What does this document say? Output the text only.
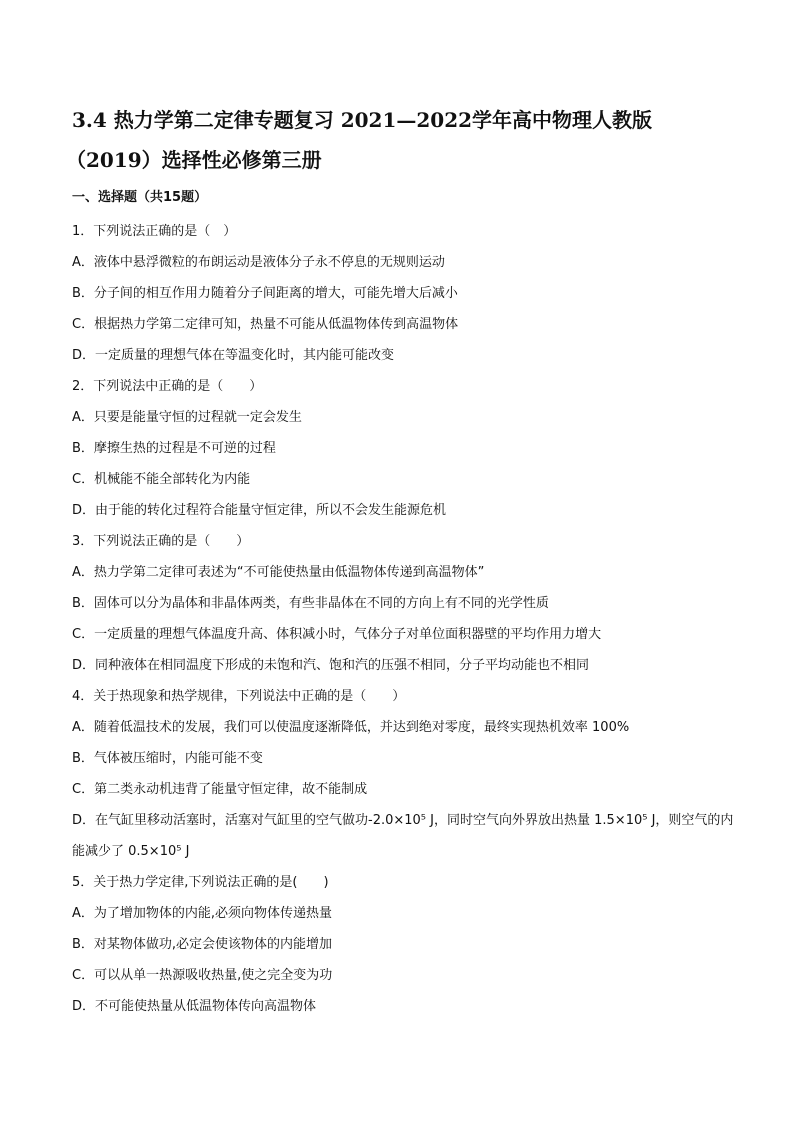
3.4 热力学第二定律专题复习 2021—2022学年高中物理人教版
（2019）选择性必修第三册
一、选择题（共15题）
1．下列说法正确的是（　）
A．液体中悬浮微粒的布朗运动是液体分子永不停息的无规则运动
B．分子间的相互作用力随着分子间距离的增大，可能先增大后减小
C．根据热力学第二定律可知，热量不可能从低温物体传到高温物体
D．一定质量的理想气体在等温变化时，其内能可能改变
2．下列说法中正确的是（　　）
A．只要是能量守恒的过程就一定会发生
B．摩擦生热的过程是不可逆的过程
C．机械能不能全部转化为内能
D．由于能的转化过程符合能量守恒定律，所以不会发生能源危机
3．下列说法正确的是（　　）
A．热力学第二定律可表述为“不可能使热量由低温物体传递到高温物体”
B．固体可以分为晶体和非晶体两类，有些非晶体在不同的方向上有不同的光学性质
C．一定质量的理想气体温度升高、体积减小时，气体分子对单位面积器壁的平均作用力增大
D．同种液体在相同温度下形成的未饱和汽、饱和汽的压强不相同，分子平均动能也不相同
4．关于热现象和热学规律，下列说法中正确的是（　　）
A．随着低温技术的发展，我们可以使温度逐渐降低，并达到绝对零度，最终实现热机效率 100%
B．气体被压缩时，内能可能不变
C．第二类永动机违背了能量守恒定律，故不能制成
D．在气缸里移动活塞时，活塞对气缸里的空气做功-2.0×10⁵ J，同时空气向外界放出热量 1.5×10⁵ J，则空气的内能减少了 0.5×10⁵ J
5．关于热力学定律,下列说法正确的是(　　)
A．为了增加物体的内能,必须向物体传递热量
B．对某物体做功,必定会使该物体的内能增加
C．可以从单一热源吸收热量,使之完全变为功
D．不可能使热量从低温物体传向高温物体
